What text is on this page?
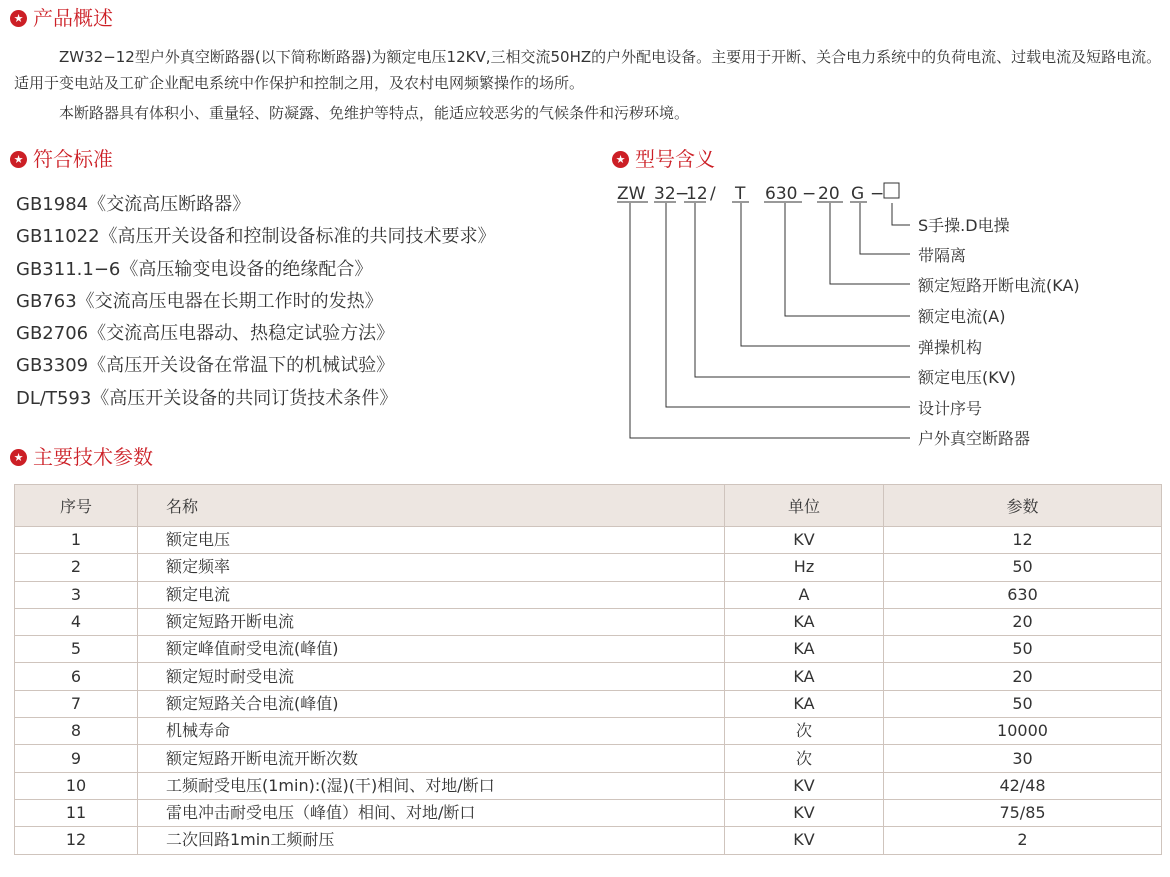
★ 产品概述

ZW32−12型户外真空断路器(以下简称断路器)为额定电压12KV,三相交流50HZ的户外配电设备。主要用于开断、关合电力系统中的负荷电流、过载电流及短路电流。适用于变电站及工矿企业配电系统中作保护和控制之用，及农村电网频繁操作的场所。

本断路器具有体积小、重量轻、防凝露、免维护等特点，能适应较恶劣的气候条件和污秽环境。

★ 符合标准
GB1984《交流高压断路器》
GB11022《高压开关设备和控制设备标准的共同技术要求》
GB311.1−6《高压输变电设备的绝缘配合》
GB763《交流高压电器在长期工作时的发热》
GB2706《交流高压电器动、热稳定试验方法》
GB3309《高压开关设备在常温下的机械试验》
DL/T593《高压开关设备的共同订货技术条件》
★ 型号含义
ZW 32 −
12 / T 630 − 20 G −
S手操.D电操
带隔离
额定短路开断电流(KA)
额定电流(A)
弹操机构
额定电压(KV)
设计序号
户外真空断路器
★ 主要技术参数
序号	名称	单位	参数
1	额定电压	KV	12
2	额定频率	Hz	50
3	额定电流	A	630
4	额定短路开断电流	KA	20
5	额定峰值耐受电流(峰值)	KA	50
6	额定短时耐受电流	KA	20
7	额定短路关合电流(峰值)	KA	50
8	机械寿命	次	10000
9	额定短路开断电流开断次数	次	30
10	工频耐受电压(1min):(湿)(干)相间、对地/断口	KV	42/48
11	雷电冲击耐受电压（峰值）相间、对地/断口	KV	75/85
12	二次回路1min工频耐压	KV	2
